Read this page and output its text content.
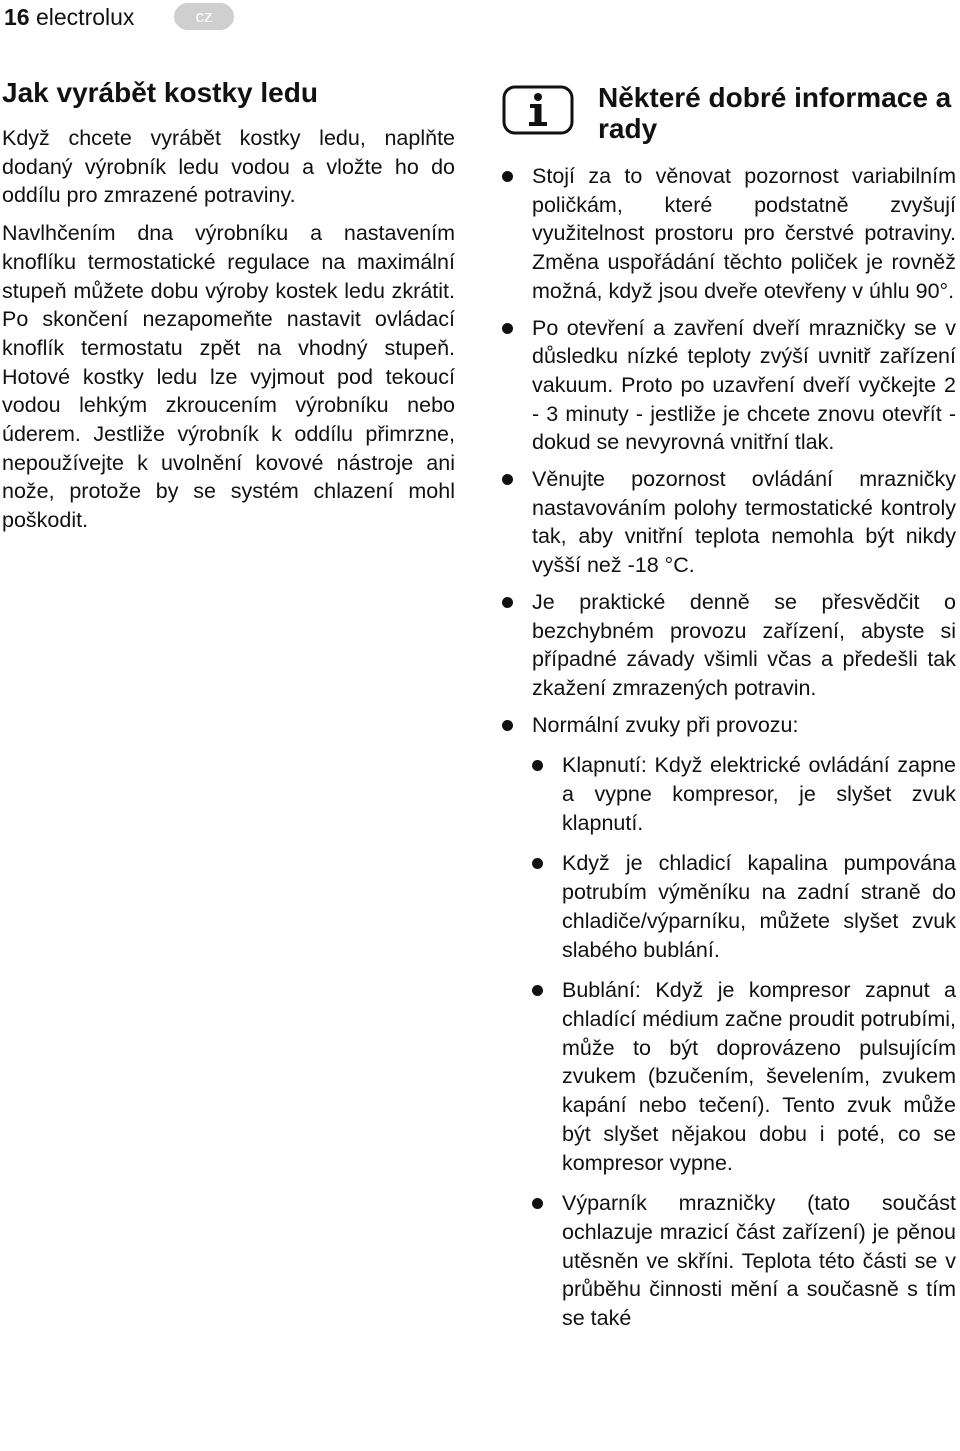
16 electrolux	cz
Jak vyrábět kostky ledu

Když chcete vyrábět kostky ledu, naplňte dodaný výrobník ledu vodou a vložte ho do oddílu pro zmrazené potraviny.

Navlhčením dna výrobníku a nastavením knoflíku termostatické regulace na maximální stupeň můžete dobu výroby kostek ledu zkrátit. Po skončení nezapomeňte nastavit ovládací knoflík termostatu zpět na vhodný stupeň. Hotové kostky ledu lze vyjmout pod tekoucí vodou lehkým zkroucením výrobníku nebo úderem. Jestliže výrobník k oddílu přimrzne, nepoužívejte k uvolnění kovové nástroje ani nože, protože by se systém chlazení mohl poškodit.

Některé dobré informace a rady
Stojí za to věnovat pozornost variabilním poličkám, které podstatně zvyšují využitelnost prostoru pro čerstvé potraviny. Změna uspořádání těchto poliček je rovněž možná, když jsou dveře otevřeny v úhlu 90°.
Po otevření a zavření dveří mrazničky se v důsledku nízké teploty zvýší uvnitř zařízení vakuum. Proto po uzavření dveří vyčkejte 2 - 3 minuty - jestliže je chcete znovu otevřít - dokud se nevyrovná vnitřní tlak.
Věnujte pozornost ovládání mrazničky nastavováním polohy termostatické kontroly tak, aby vnitřní teplota nemohla být nikdy vyšší než -18 °C.
Je praktické denně se přesvědčit o bezchybném provozu zařízení, abyste si případné závady všimli včas a předešli tak zkažení zmrazených potravin.
Normální zvuky při provozu:
Klapnutí: Když elektrické ovládání zapne a vypne kompresor, je slyšet zvuk klapnutí.
Když je chladicí kapalina pumpována potrubím výměníku na zadní straně do chladiče/výparníku, můžete slyšet zvuk slabého bublání.
Bublání: Když je kompresor zapnut a chladící médium začne proudit potrubími, může to být doprovázeno pulsujícím zvukem (bzučením, ševelením, zvukem kapání nebo tečení). Tento zvuk může být slyšet nějakou dobu i poté, co se kompresor vypne.
Výparník mrazničky (tato součást ochlazuje mrazicí část zařízení) je pěnou utěsněn ve skříni. Teplota této části se v průběhu činnosti mění a současně s tím se také
